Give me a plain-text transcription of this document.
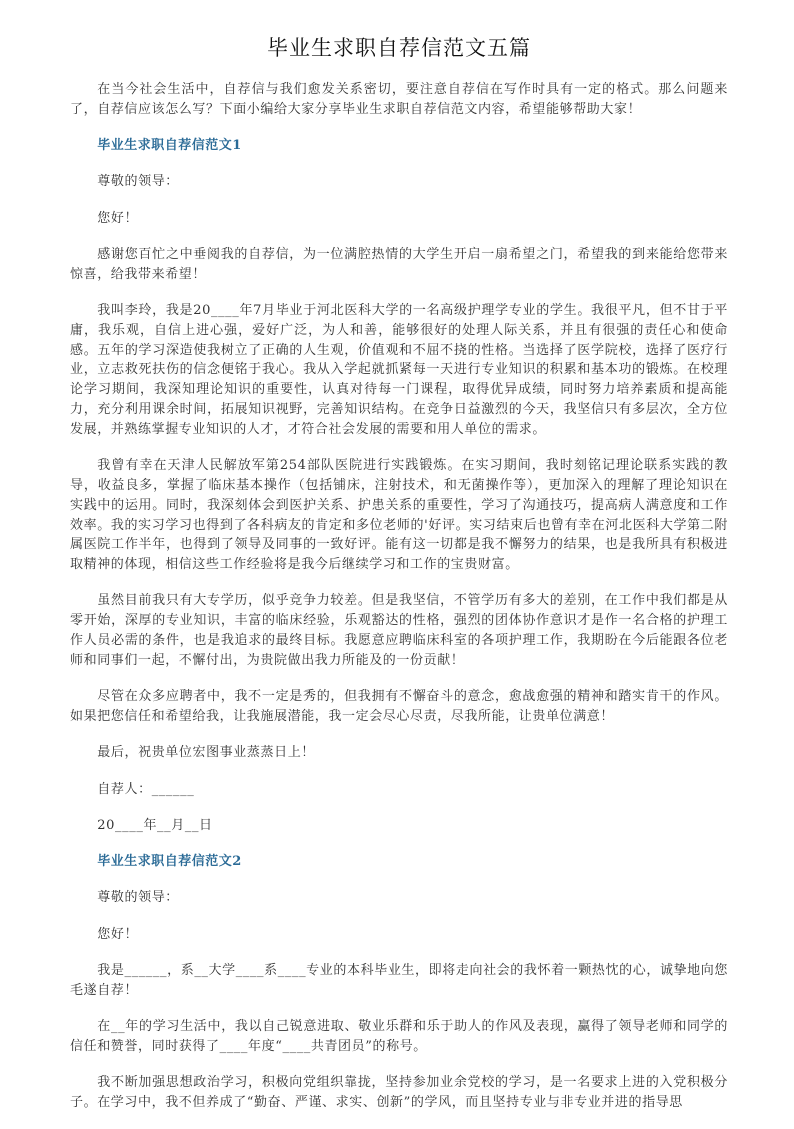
毕业生求职自荐信范文五篇

在当今社会生活中，自荐信与我们愈发关系密切，要注意自荐信在写作时具有一定的格式。那么问题来了，自荐信应该怎么写？下面小编给大家分享毕业生求职自荐信范文内容，希望能够帮助大家！

毕业生求职自荐信范文1

尊敬的领导：

您好！

感谢您百忙之中垂阅我的自荐信，为一位满腔热情的大学生开启一扇希望之门，希望我的到来能给您带来惊喜，给我带来希望！

我叫李玲，我是20____年7月毕业于河北医科大学的一名高级护理学专业的学生。我很平凡，但不甘于平庸，我乐观，自信上进心强，爱好广泛，为人和善，能够很好的处理人际关系，并且有很强的责任心和使命感。五年的学习深造使我树立了正确的人生观，价值观和不屈不挠的性格。当选择了医学院校，选择了医疗行业，立志救死扶伤的信念便铭于我心。我从入学起就抓紧每一天进行专业知识的积累和基本功的锻炼。在校理论学习期间，我深知理论知识的重要性，认真对待每一门课程，取得优异成绩，同时努力培养素质和提高能力，充分利用课余时间，拓展知识视野，完善知识结构。在竞争日益激烈的今天，我坚信只有多层次，全方位发展，并熟练掌握专业知识的人才，才符合社会发展的需要和用人单位的需求。

我曾有幸在天津人民解放军第254部队医院进行实践锻炼。在实习期间，我时刻铭记理论联系实践的教导，收益良多，掌握了临床基本操作（包括铺床，注射技术，和无菌操作等），更加深入的理解了理论知识在实践中的运用。同时，我深刻体会到医护关系、护患关系的重要性，学习了沟通技巧，提高病人满意度和工作效率。我的实习学习也得到了各科病友的肯定和多位老师的'好评。实习结束后也曾有幸在河北医科大学第二附属医院工作半年，也得到了领导及同事的一致好评。能有这一切都是我不懈努力的结果，也是我所具有积极进取精神的体现，相信这些工作经验将是我今后继续学习和工作的宝贵财富。

虽然目前我只有大专学历，似乎竞争力较差。但是我坚信，不管学历有多大的差别，在工作中我们都是从零开始，深厚的专业知识，丰富的临床经验，乐观豁达的性格，强烈的团体协作意识才是作一名合格的护理工作人员必需的条件，也是我追求的最终目标。我愿意应聘临床科室的各项护理工作，我期盼在今后能跟各位老师和同事们一起，不懈付出，为贵院做出我力所能及的一份贡献！

尽管在众多应聘者中，我不一定是秀的，但我拥有不懈奋斗的意念，愈战愈强的精神和踏实肯干的作风。如果把您信任和希望给我，让我施展潜能，我一定会尽心尽责，尽我所能，让贵单位满意！

最后，祝贵单位宏图事业蒸蒸日上！

自荐人：______

20____年__月__日

毕业生求职自荐信范文2

尊敬的领导：

您好！

我是______，系__大学____系____专业的本科毕业生，即将走向社会的我怀着一颗热忱的心，诚挚地向您毛遂自荐！

在__年的学习生活中，我以自己锐意进取、敬业乐群和乐于助人的作风及表现，赢得了领导老师和同学的信任和赞誉，同时获得了____年度“____共青团员”的称号。

我不断加强思想政治学习，积极向党组织靠拢，坚持参加业余党校的学习，是一名要求上进的入党积极分子。在学习中，我不但养成了“勤奋、严谨、求实、创新”的学风，而且坚持专业与非专业并进的指导思
